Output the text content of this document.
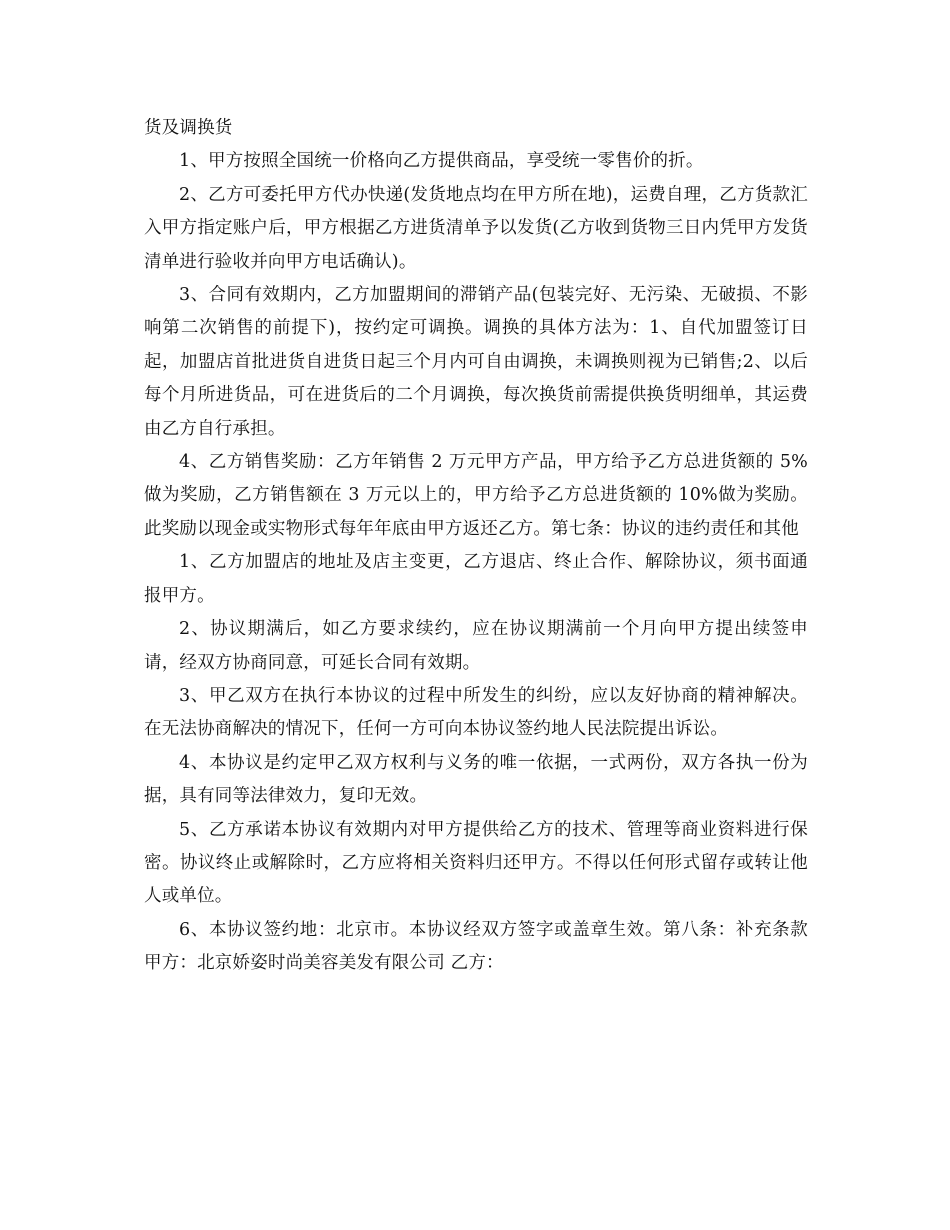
货及调换货

1、甲方按照全国统一价格向乙方提供商品，享受统一零售价的折。

2、乙方可委托甲方代办快递(发货地点均在甲方所在地)，运费自理，乙方货款汇入甲方指定账户后，甲方根据乙方进货清单予以发货(乙方收到货物三日内凭甲方发货清单进行验收并向甲方电话确认)。

3、合同有效期内，乙方加盟期间的滞销产品(包装完好、无污染、无破损、不影响第二次销售的前提下)，按约定可调换。调换的具体方法为：1、自代加盟签订日起，加盟店首批进货自进货日起三个月内可自由调换，未调换则视为已销售;2、以后每个月所进货品，可在进货后的二个月调换，每次换货前需提供换货明细单，其运费由乙方自行承担。

4、乙方销售奖励：乙方年销售 2 万元甲方产品，甲方给予乙方总进货额的 5%做为奖励，乙方销售额在 3 万元以上的，甲方给予乙方总进货额的 10%做为奖励。此奖励以现金或实物形式每年年底由甲方返还乙方。第七条：协议的违约责任和其他

1、乙方加盟店的地址及店主变更，乙方退店、终止合作、解除协议，须书面通报甲方。

2、协议期满后，如乙方要求续约，应在协议期满前一个月向甲方提出续签申请，经双方协商同意，可延长合同有效期。

3、甲乙双方在执行本协议的过程中所发生的纠纷，应以友好协商的精神解决。在无法协商解决的情况下，任何一方可向本协议签约地人民法院提出诉讼。

4、本协议是约定甲乙双方权利与义务的唯一依据，一式两份，双方各执一份为据，具有同等法律效力，复印无效。

5、乙方承诺本协议有效期内对甲方提供给乙方的技术、管理等商业资料进行保密。协议终止或解除时，乙方应将相关资料归还甲方。不得以任何形式留存或转让他人或单位。

6、本协议签约地：北京市。本协议经双方签字或盖章生效。第八条：补充条款甲方：北京娇姿时尚美容美发有限公司 乙方：
